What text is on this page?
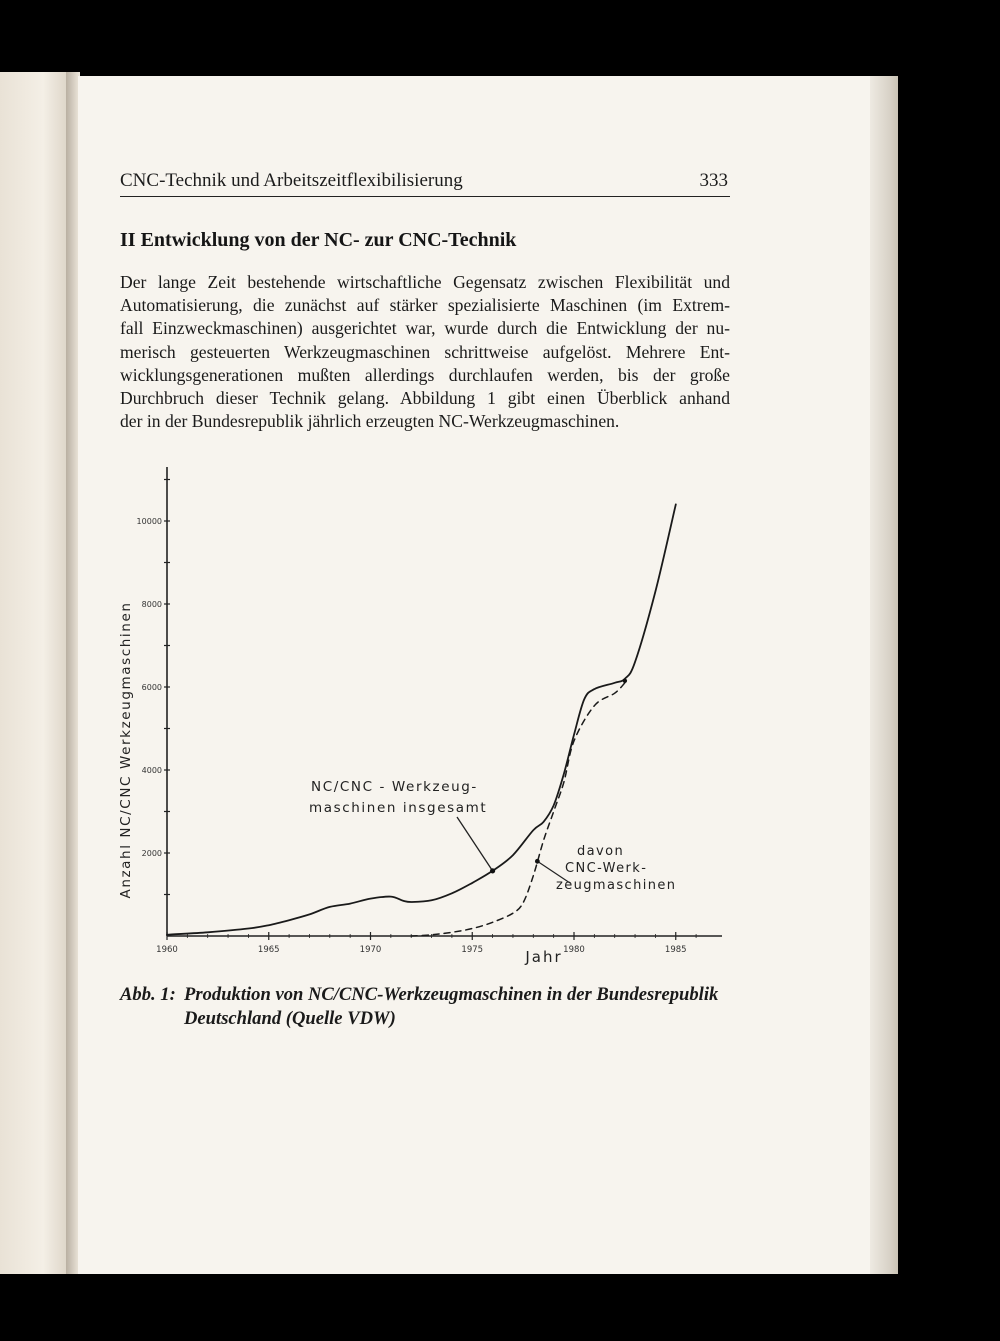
CNC-Technik und Arbeitszeitflexibilisierung	333
II Entwicklung von der NC- zur CNC-Technik

Der lange Zeit bestehende wirtschaftliche Gegensatz zwischen Flexibilität und
Automatisierung, die zunächst auf stärker spezialisierte Maschinen (im Extrem-
fall Einzweckmaschinen) ausgerichtet war, wurde durch die Entwicklung der nu-
merisch gesteuerten Werkzeugmaschinen schrittweise aufgelöst. Mehrere Ent-
wicklungsgenerationen mußten allerdings durchlaufen werden, bis der große
Durchbruch dieser Technik gelang. Abbildung 1 gibt einen Überblick anhand
der in der Bundesrepublik jährlich erzeugten NC-Werkzeugmaschinen.

2000
4000
6000
8000
10000
1960	1965	1970	1975	1980	1985
Anzahl NC/CNC Werkzeugmaschinen
Jahr
NC/CNC - Werkzeug-
maschinen insgesamt
davon
CNC-Werk-
zeugmaschinen
Abb. 1: Produktion von NC/CNC-Werkzeugmaschinen in der Bundesrepublik
Deutschland (Quelle VDW)
